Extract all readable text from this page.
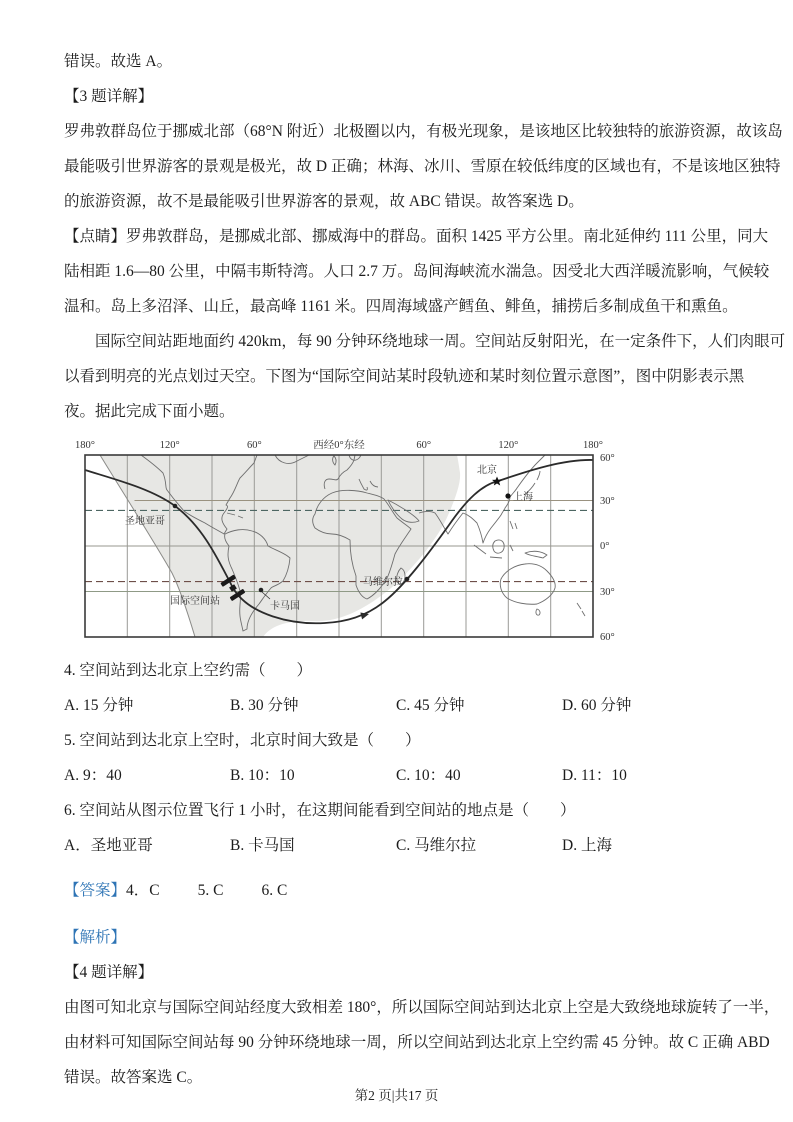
错误。故选 A。
【3 题详解】
罗弗敦群岛位于挪威北部（68°N 附近）北极圈以内，有极光现象，是该地区比较独特的旅游资源，故该岛
最能吸引世界游客的景观是极光，故 D 正确；林海、冰川、雪原在较低纬度的区域也有，不是该地区独特
的旅游资源，故不是最能吸引世界游客的景观，故 ABC 错误。故答案选 D。
【点睛】罗弗敦群岛，是挪威北部、挪威海中的群岛。面积 1425 平方公里。南北延伸约 111 公里，同大
陆相距 1.6—80 公里，中隔韦斯特湾。人口 2.7 万。岛间海峡流水湍急。因受北大西洋暖流影响，气候较
温和。岛上多沼泽、山丘，最高峰 1161 米。四周海域盛产鳕鱼、鲱鱼，捕捞后多制成鱼干和熏鱼。
　　国际空间站距地面约 420km，每 90 分钟环绕地球一周。空间站反射阳光，在一定条件下，人们肉眼可
以看到明亮的光点划过天空。下图为“国际空间站某时段轨迹和某时刻位置示意图”，图中阴影表示黑
夜。据此完成下面小题。
圣地亚哥
国际空间站	卡马国
马维尔拉
北京
上海
180°	120°	60°	西经0°东经	60°	120°	180°
60°
30°
0°
30°
60°
4. 空间站到达北京上空约需（　　）
A. 15 分钟	B. 30 分钟	C. 45 分钟	D. 60 分钟
5. 空间站到达北京上空时，北京时间大致是（　　）
A. 9：40	B. 10：10	C. 10：40	D. 11：10
6. 空间站从图示位置飞行 1 小时，在这期间能看到空间站的地点是（　　）
A．圣地亚哥	B. 卡马国	C. 马维尔拉	D. 上海
【答案】4．C 5. C 6. C
【解析】
【4 题详解】
由图可知北京与国际空间站经度大致相差 180°，所以国际空间站到达北京上空是大致绕地球旋转了一半，
由材料可知国际空间站每 90 分钟环绕地球一周，所以空间站到达北京上空约需 45 分钟。故 C 正确 ABD
错误。故答案选 C。
第2 页|共17 页
